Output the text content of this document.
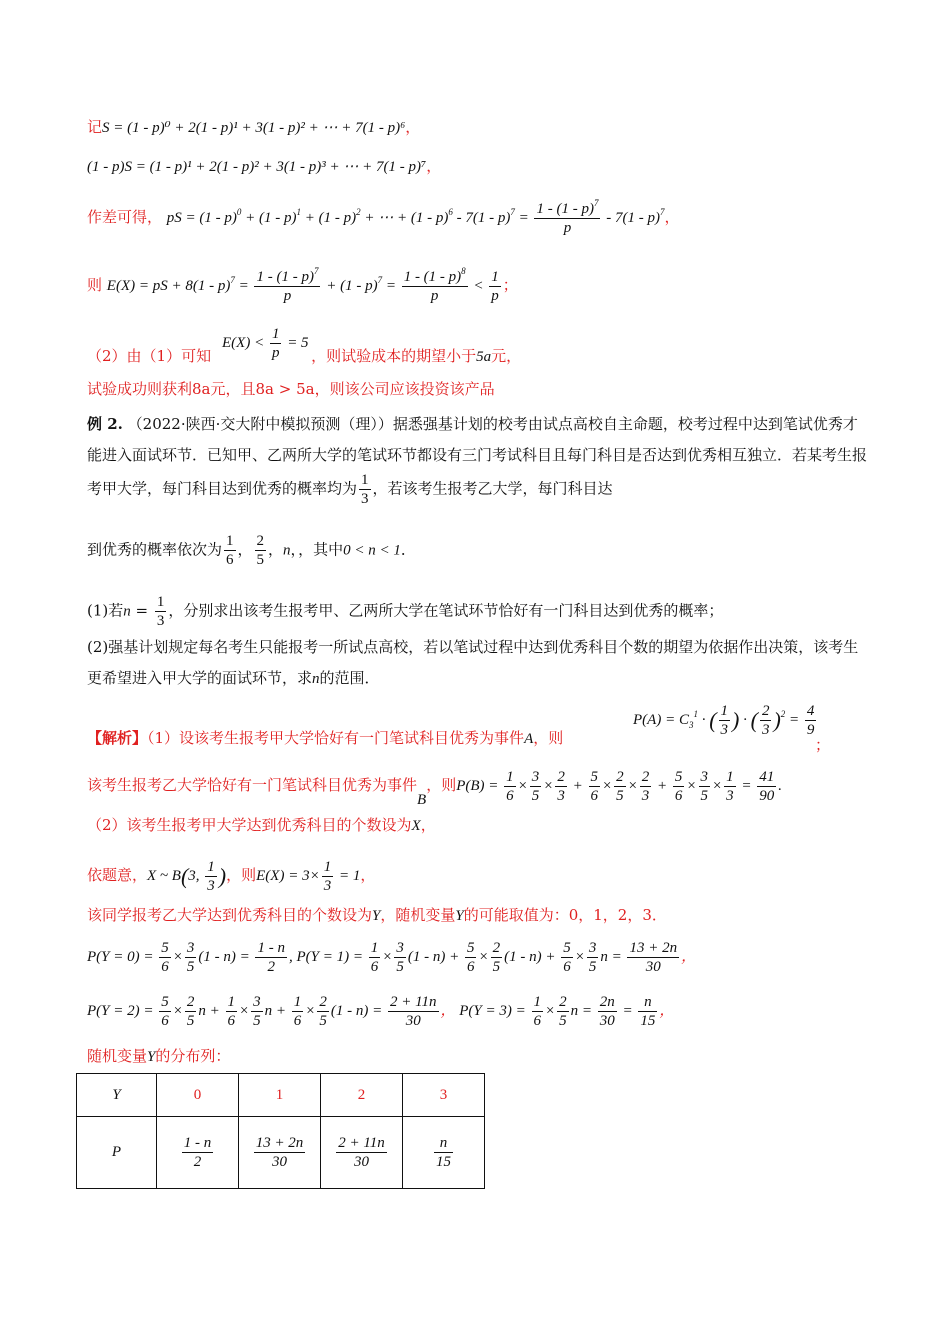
记S = (1 - p)⁰ + 2(1 - p)¹ + 3(1 - p)² + ⋯ + 7(1 - p)⁶，
(1 - p)S = (1 - p)¹ + 2(1 - p)² + 3(1 - p)³ + ⋯ + 7(1 - p)⁷，
作差可得， pS = (1 - p)$^0$ + (1 - p)$^1$ + (1 - p)$^2$ + ⋯ + $(1 - p)^6 - 7(1 - p)^7 = \frac{1 - (1 - p)^7}{p} - 7(1 - p)^7$，
则 E(X) = pS + $8(1 - p)^7 = \frac{1 - (1 - p)^7}{p} + (1 - p)^7 = \frac{1 - (1 - p)^8}{p} < \frac{1}{p}$ ；
$E(X) < \frac{1}{p} = 5$
（2）由（1）可知	，则试验成本的期望小于5a元，
试验成功则获利8a元，且8a > 5a，则该公司应该投资该产品
例 2. （2022·陕西·交大附中模拟预测（理））据悉强基计划的校考由试点高校自主命题，校考过程中达到笔试优秀才能进入面试环节．已知甲、乙两所大学的笔试环节都设有三门考试科目且每门科目是否达到优秀相互独立．若某考生报考甲大学，每门科目达到优秀的概率均为 $\frac{1}{3}$ ，若该考生报考乙大学，每门科目达
到优秀的概率依次为 $\frac{1}{6}$ ， $\frac{2}{5}$ ，n，，其中0 < n < 1．
(1)若$n = \frac{1}{3}$ ，分别求出该考生报考甲、乙两所大学在笔试环节恰好有一门科目达到优秀的概率；
(2)强基计划规定每名考生只能报考一所试点高校，若以笔试过程中达到优秀科目个数的期望为依据作出决策，该考生更希望进入甲大学的面试环节，求n的范围．
$P(A) = C_3^1$ · ( $\frac{1}{3}$ ) · ( $\frac{2}{3} )^2 = \frac{4}{9}$
【解析】（1）设该考生报考甲大学恰好有一门笔试科目优秀为事件A，则	；
该考生报考乙大学恰好有一门笔试科目优秀为事件B，则$P(B) = \frac{1}{6} \times \frac{3}{5} \times \frac{2}{3} + \frac{5}{6} \times \frac{2}{5} \times \frac{2}{3} + \frac{5}{6} \times \frac{3}{5} \times \frac{1}{3} = \frac{41}{90}$ .
（2）该考生报考甲大学达到优秀科目的个数设为X，
依题意，X ~ B(3, $\frac{1}{3}$ )，则$E(X) = 3\times \frac{1}{3} = 1$，
该同学报考乙大学达到优秀科目的个数设为Y，随机变量Y的可能取值为：0，1，2，3．
$P(Y = 0) = \frac{5}{6} \times \frac{3}{5} (1 - n) = \frac{1 - n}{2}$ , $P(Y = 1) = \frac{1}{6} \times \frac{3}{5} (1 - n) + \frac{5}{6} \times \frac{2}{5} (1 - n) + \frac{5}{6} \times \frac{3}{5}$ $n = \frac{13 + 2n}{30}$ ，
$P(Y = 2) = \frac{5}{6} \times \frac{2}{5}$ $n + \frac{1}{6} \times \frac{3}{5}$ $n + \frac{1}{6} \times \frac{2}{5} (1 - n) = \frac{2 + 11n}{30}$ ， $P(Y = 3) = \frac{1}{6} \times \frac{2}{5}$ $n = \frac{2n}{30} = \frac{n}{15}$ ，
随机变量Y的分布列：
Y	0	1	2	3
P	$\frac{1 - n}{2}$	$\frac{13 + 2n}{30}$	$\frac{2 + 11n}{30}$	$\frac{n}{15}$
